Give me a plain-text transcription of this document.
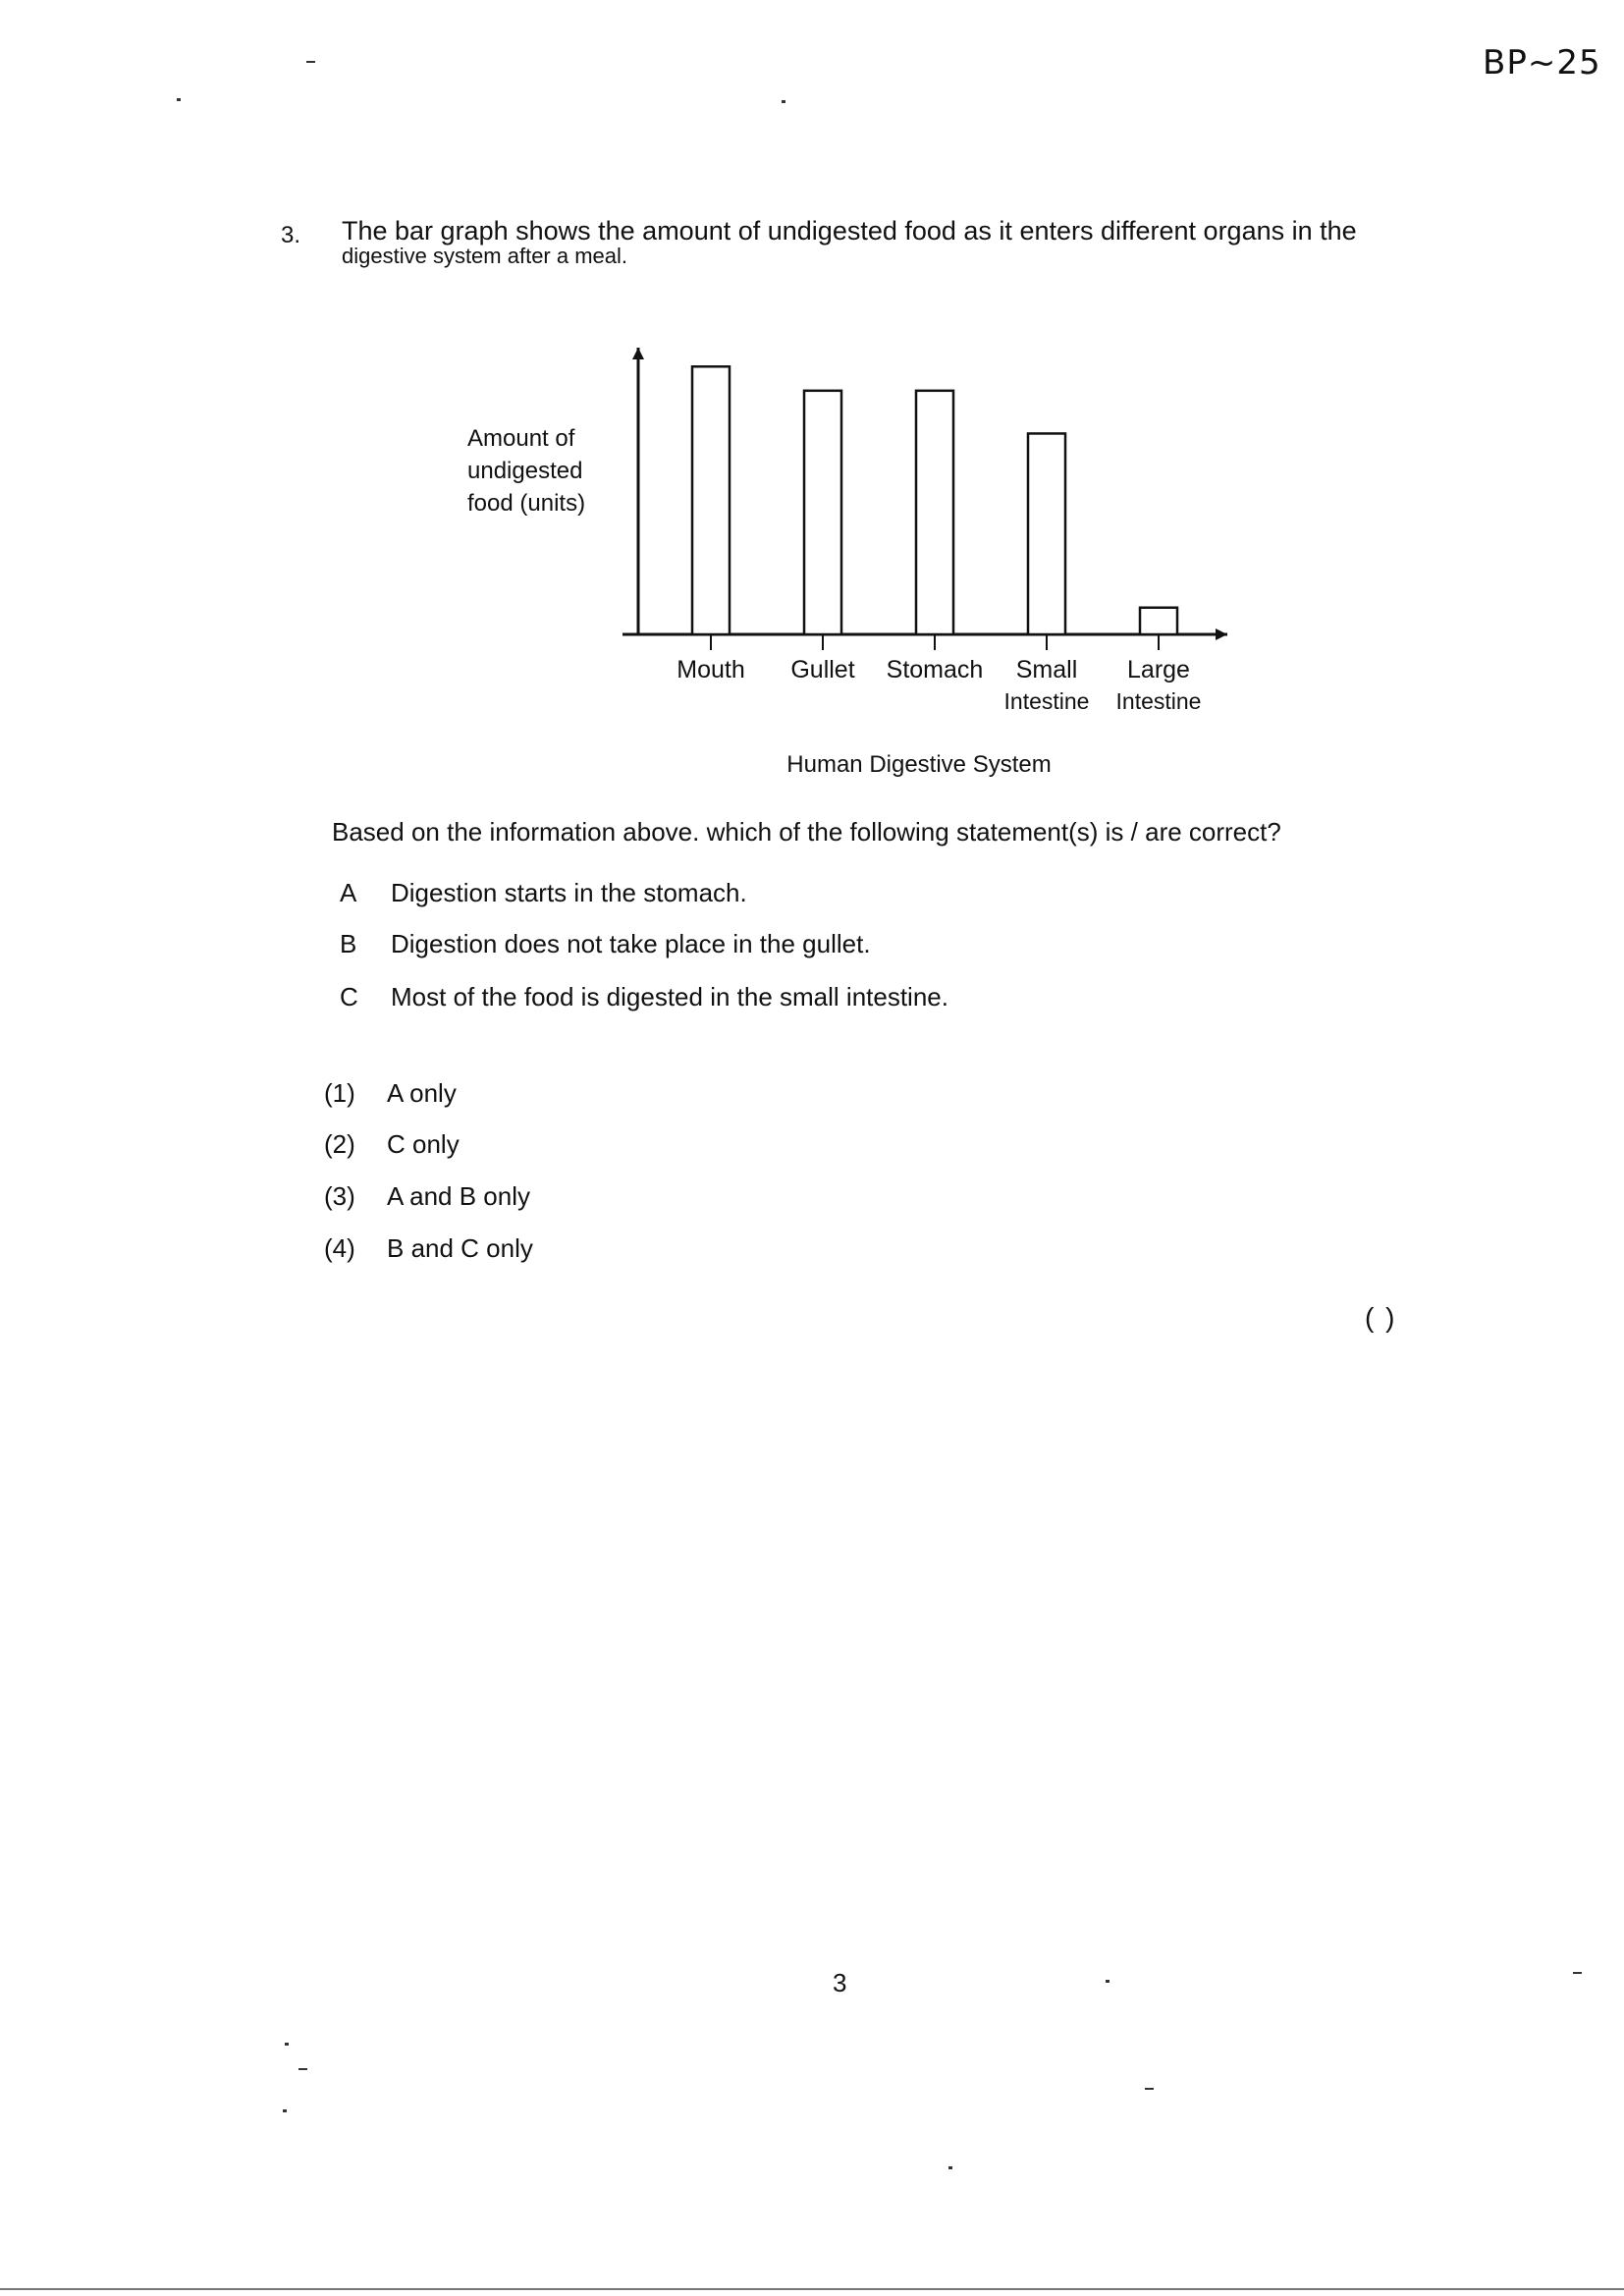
BP~25
3. The bar graph shows the amount of undigested food as it enters different organs in the
digestive system after a meal.
Mouth Gullet Stomach Small
Intestine
Large
Intestine
Amount of
undigested
food (units)
Human Digestive System
Based on the information above. which of the following statement(s) is / are correct?
A	Digestion starts in the stomach.
B	Digestion does not take place in the gullet.
C	Most of the food is digested in the small intestine.
(1)	A only
(2)	C only
(3)	A and B only
(4)	B and C only
( )
3
